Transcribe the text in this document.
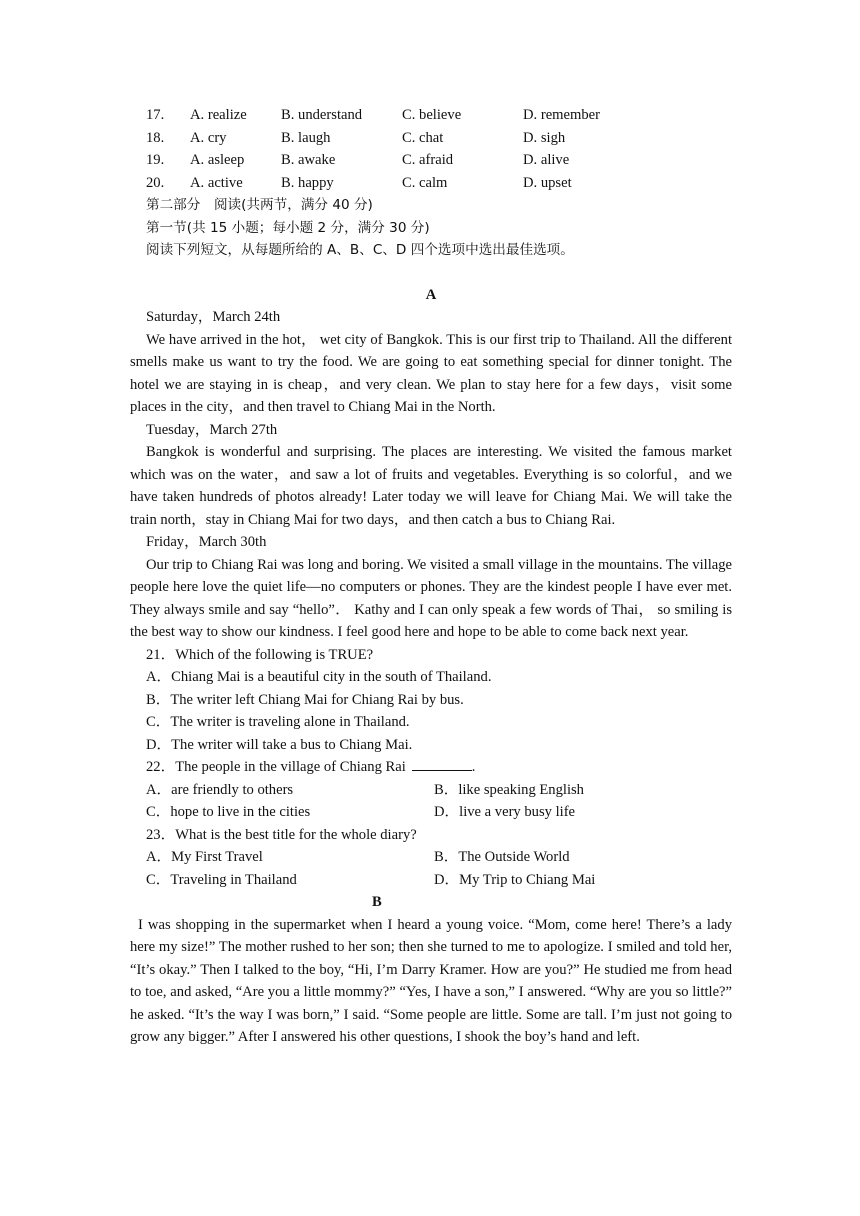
17.	A. realize	B. understand	C. believe	D. remember
18.	A. cry	B. laugh	C. chat	D. sigh
19.	A. asleep	B. awake	C. afraid	D. alive
20.	A. active	B. happy	C. calm	D. upset
第二部分　阅读(共两节，满分 40 分)
第一节(共 15 小题；每小题 2 分，满分 30 分)
阅读下列短文，从每题所给的 A、B、C、D 四个选项中选出最佳选项。
A
Saturday，March 24th

We have arrived in the hot， wet city of Bangkok. This is our first trip to Thailand. All the different smells make us want to try the food. We are going to eat something special for dinner tonight. The hotel we are staying in is cheap，and very clean. We plan to stay here for a few days，visit some places in the city，and then travel to Chiang Mai in the North.

Tuesday，March 27th

Bangkok is wonderful and surprising. The places are interesting. We visited the famous market which was on the water，and saw a lot of fruits and vegetables. Everything is so colorful，and we have taken hundreds of photos already! Later today we will leave for Chiang Mai. We will take the train north，stay in Chiang Mai for two days，and then catch a bus to Chiang Rai.

Friday，March 30th

Our trip to Chiang Rai was long and boring. We visited a small village in the mountains. The village people here love the quiet life—no computers or phones. They are the kindest people I have ever met. They always smile and say “hello”． Kathy and I can only speak a few words of Thai， so smiling is the best way to show our kindness. I feel good here and hope to be able to come back next year.

21．Which of the following is TRUE?
A．Chiang Mai is a beautiful city in the south of Thailand.
B．The writer left Chiang Mai for Chiang Rai by bus.
C．The writer is traveling alone in Thailand.
D．The writer will take a bus to Chiang Mai.
22．The people in the village of Chiang Rai	.
A．are friendly to others	B．like speaking English
C．hope to live in the cities	D．live a very busy life
23．What is the best title for the whole diary?
A．My First Travel	B．The Outside World
C．Traveling in Thailand	D．My Trip to Chiang Mai
B

I was shopping in the supermarket when I heard a young voice. “Mom, come here! There’s a lady here my size!” The mother rushed to her son; then she turned to me to apologize. I smiled and told her, “It’s okay.” Then I talked to the boy, “Hi, I’m Darry Kramer. How are you?” He studied me from head to toe, and asked, “Are you a little mommy?” “Yes, I have a son,” I answered. “Why are you so little?” he asked. “It’s the way I was born,” I said. “Some people are little. Some are tall. I’m just not going to grow any bigger.” After I answered his other questions, I shook the boy’s hand and left.
